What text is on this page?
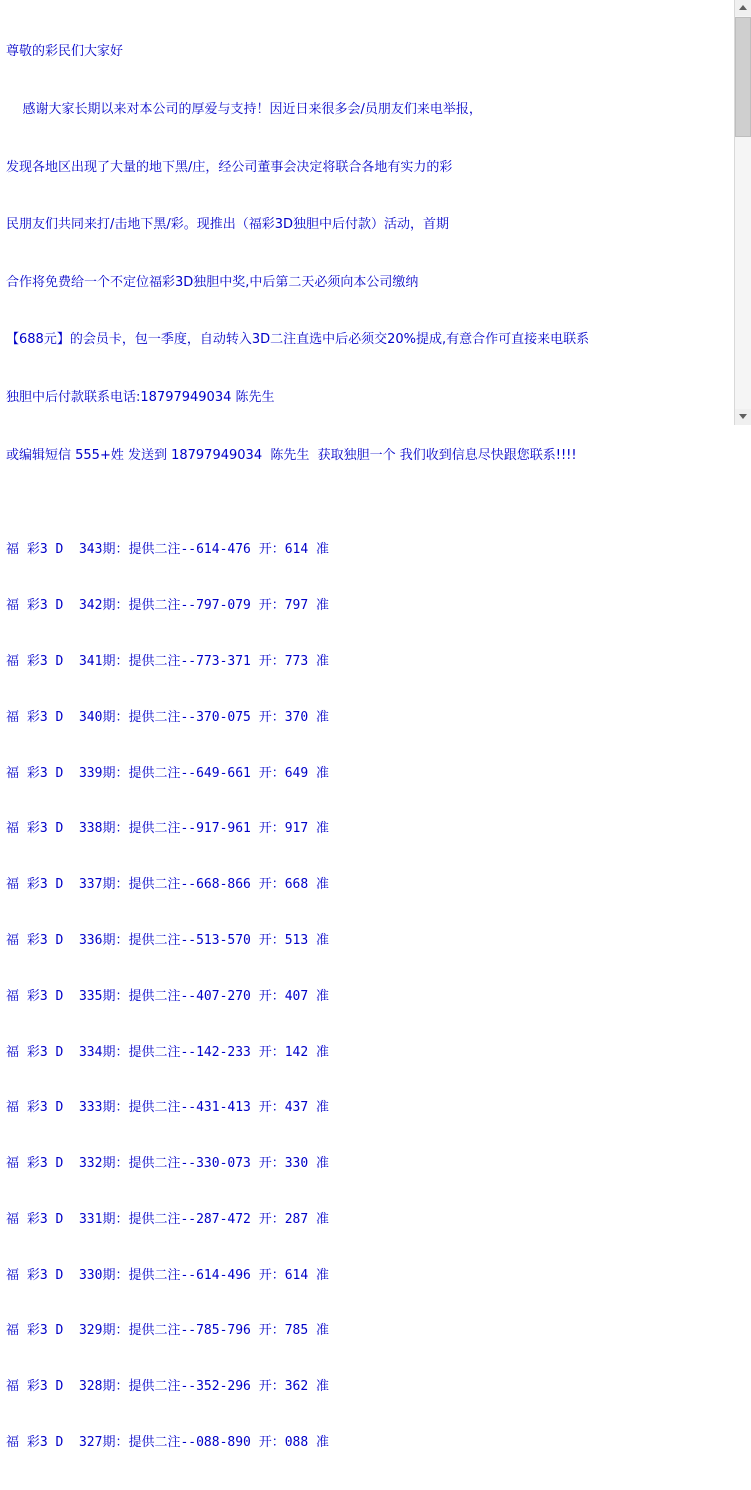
尊敬的彩民们大家好

感谢大家长期以来对本公司的厚爱与支持！因近日来很多会/员朋友们来电举报，

发现各地区出现了大量的地下黑/庄，经公司董事会决定将联合各地有实力的彩

民朋友们共同来打/击地下黑/彩。现推出（福彩3D独胆中后付款）活动，首期

合作将免费给一个不定位福彩3D独胆中奖,中后第二天必须向本公司缴纳

【688元】的会员卡，包一季度，自动转入3D二注直选中后必须交20%提成,有意合作可直接来电联系

独胆中后付款联系电话:18797949034 陈先生

或编辑短信 555+姓 发送到 18797949034  陈先生  获取独胆一个 我们收到信息尽快跟您联系!!!!

福 彩3 D  343期：提供二注--614-476 开：614 准

福 彩3 D  342期：提供二注--797-079 开：797 准

福 彩3 D  341期：提供二注--773-371 开：773 准

福 彩3 D  340期：提供二注--370-075 开：370 准

福 彩3 D  339期：提供二注--649-661 开：649 准

福 彩3 D  338期：提供二注--917-961 开：917 准

福 彩3 D  337期：提供二注--668-866 开：668 准

福 彩3 D  336期：提供二注--513-570 开：513 准

福 彩3 D  335期：提供二注--407-270 开：407 准

福 彩3 D  334期：提供二注--142-233 开：142 准

福 彩3 D  333期：提供二注--431-413 开：437 准

福 彩3 D  332期：提供二注--330-073 开：330 准

福 彩3 D  331期：提供二注--287-472 开：287 准

福 彩3 D  330期：提供二注--614-496 开：614 准

福 彩3 D  329期：提供二注--785-796 开：785 准

福 彩3 D  328期：提供二注--352-296 开：362 准

福 彩3 D  327期：提供二注--088-890 开：088 准
